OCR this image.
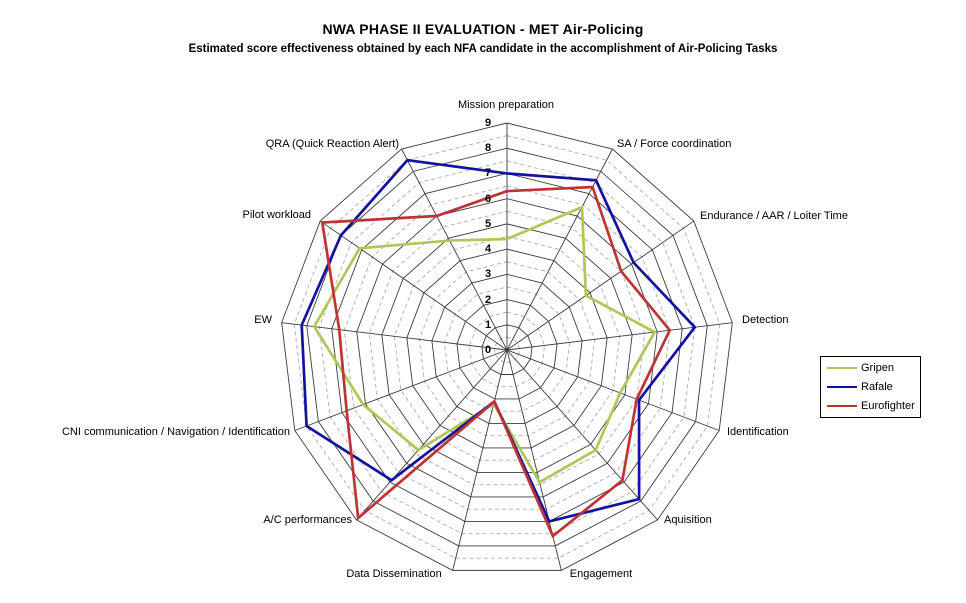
NWA PHASE II EVALUATION - MET Air-Policing
Estimated score effectiveness obtained by each NFA candidate in the accomplishment of Air-Policing Tasks
0
1
2
3
4
5
6
7
8
9
Mission preparation
SA / Force coordination
Endurance / AAR / Loiter Time
Detection
Identification
Aquisition
Engagement
Data Dissemination
A/C performances
CNI communication / Navigation / Identification
EW
Pilot workload
QRA (Quick Reaction Alert)
Gripen
Rafale
Eurofighter
